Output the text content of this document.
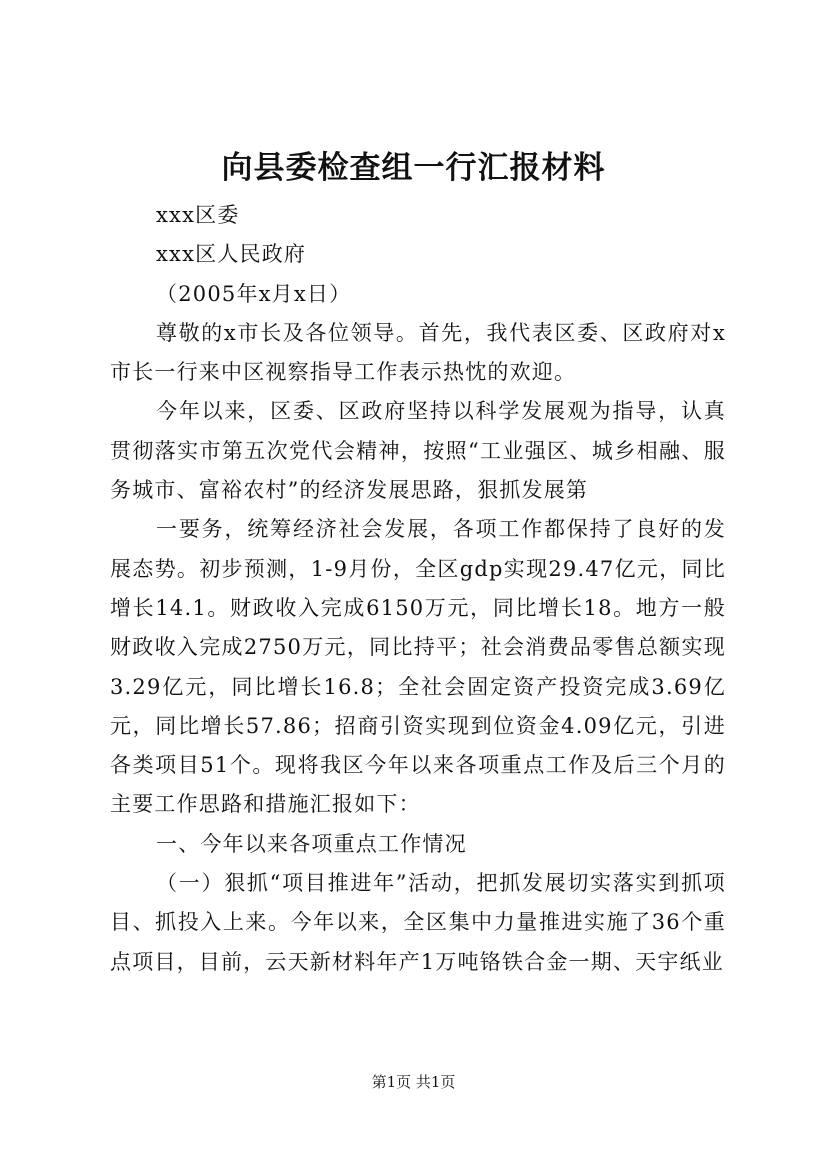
向县委检查组一行汇报材料

xxx区委

xxx区人民政府

（2005年x月x日）

尊敬的x市长及各位领导。首先，我代表区委、区政府对x市长一行来中区视察指导工作表示热忱的欢迎。

今年以来，区委、区政府坚持以科学发展观为指导，认真贯彻落实市第五次党代会精神，按照“工业强区、城乡相融、服务城市、富裕农村”的经济发展思路，狠抓发展第

一要务，统筹经济社会发展，各项工作都保持了良好的发展态势。初步预测，1-9月份，全区gdp实现29.47亿元，同比增长14.1。财政收入完成6150万元，同比增长18。地方一般财政收入完成2750万元，同比持平；社会消费品零售总额实现3.29亿元，同比增长16.8；全社会固定资产投资完成3.69亿元，同比增长57.86；招商引资实现到位资金4.09亿元，引进各类项目51个。现将我区今年以来各项重点工作及后三个月的主要工作思路和措施汇报如下：

一、今年以来各项重点工作情况

（一）狠抓“项目推进年”活动，把抓发展切实落实到抓项目、抓投入上来。今年以来，全区集中力量推进实施了36个重点项目，目前，云天新材料年产1万吨铬铁合金一期、天宇纸业

第1页 共1页
